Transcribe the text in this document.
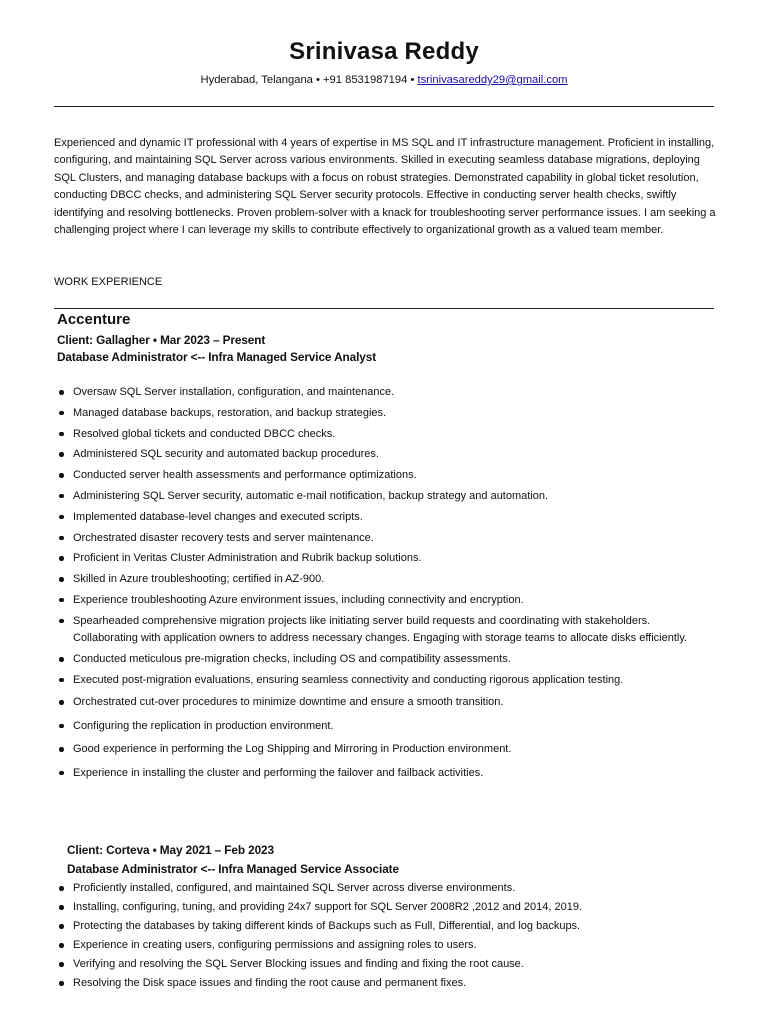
Srinivasa Reddy
Hyderabad, Telangana • +91 8531987194 • tsrinivasareddy29@gmail.com
Experienced and dynamic IT professional with 4 years of expertise in MS SQL and IT infrastructure management. Proficient in installing, configuring, and maintaining SQL Server across various environments. Skilled in executing seamless database migrations, deploying SQL Clusters, and managing database backups with a focus on robust strategies. Demonstrated capability in global ticket resolution, conducting DBCC checks, and administering SQL Server security protocols. Effective in conducting server health checks, swiftly identifying and resolving bottlenecks. Proven problem-solver with a knack for troubleshooting server performance issues. I am seeking a challenging project where I can leverage my skills to contribute effectively to organizational growth as a valued team member.
WORK EXPERIENCE
Accenture
Client: Gallagher • Mar 2023 – Present
Database Administrator <-- Infra Managed Service Analyst
Oversaw SQL Server installation, configuration, and maintenance.
Managed database backups, restoration, and backup strategies.
Resolved global tickets and conducted DBCC checks.
Administered SQL security and automated backup procedures.
Conducted server health assessments and performance optimizations.
Administering SQL Server security, automatic e-mail notification, backup strategy and automation.
Implemented database-level changes and executed scripts.
Orchestrated disaster recovery tests and server maintenance.
Proficient in Veritas Cluster Administration and Rubrik backup solutions.
Skilled in Azure troubleshooting; certified in AZ-900.
Experience troubleshooting Azure environment issues, including connectivity and encryption.
Spearheaded comprehensive migration projects like initiating server build requests and coordinating with stakeholders. Collaborating with application owners to address necessary changes. Engaging with storage teams to allocate disks efficiently.
Conducted meticulous pre-migration checks, including OS and compatibility assessments.
Executed post-migration evaluations, ensuring seamless connectivity and conducting rigorous application testing.
Orchestrated cut-over procedures to minimize downtime and ensure a smooth transition.
Configuring the replication in production environment.
Good experience in performing the Log Shipping and Mirroring in Production environment.
Experience in installing the cluster and performing the failover and failback activities.
Client: Corteva • May 2021 – Feb 2023
Database Administrator <-- Infra Managed Service Associate
Proficiently installed, configured, and maintained SQL Server across diverse environments.
Installing, configuring, tuning, and providing 24x7 support for SQL Server 2008R2 ,2012 and 2014, 2019.
Protecting the databases by taking different kinds of Backups such as Full, Differential, and log backups.
Experience in creating users, configuring permissions and assigning roles to users.
Verifying and resolving the SQL Server Blocking issues and finding and fixing the root cause.
Resolving the Disk space issues and finding the root cause and permanent fixes.
